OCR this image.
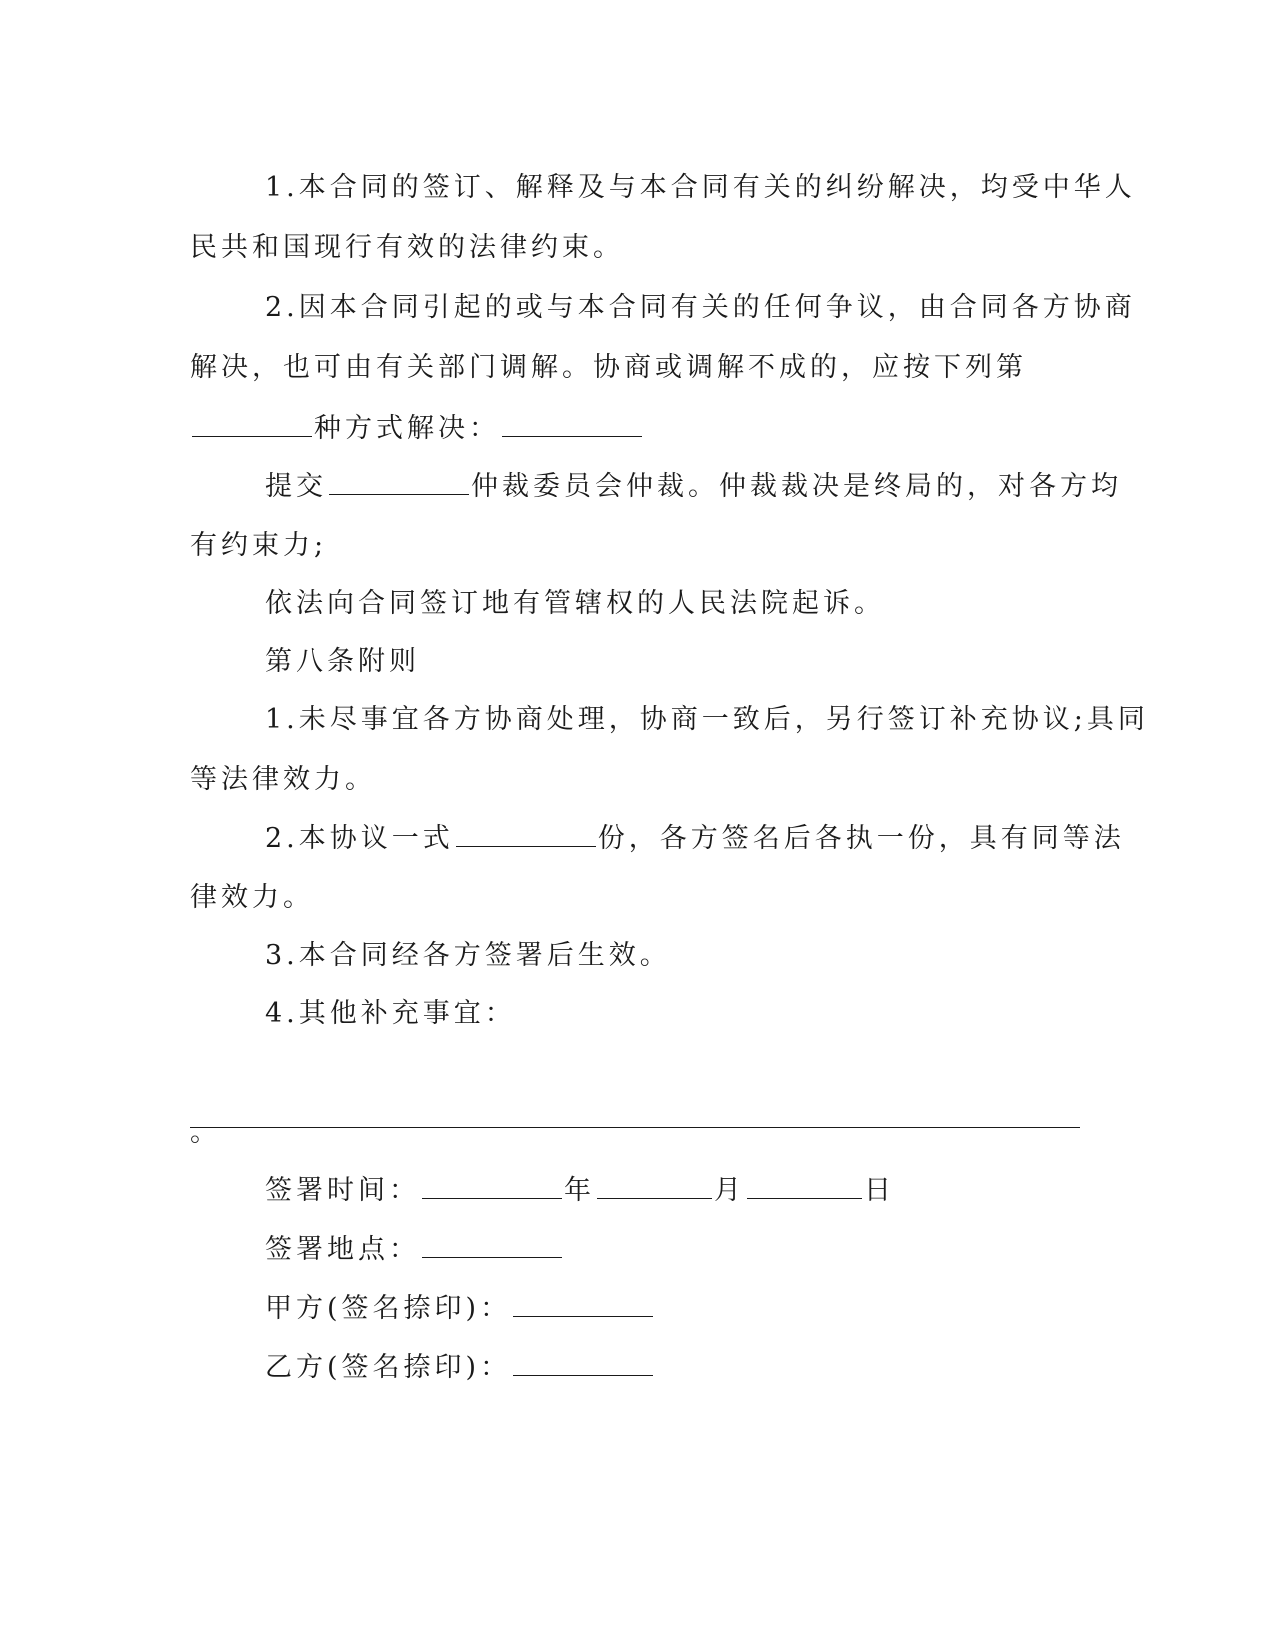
1.本合同的签订、解释及与本合同有关的纠纷解决，均受中华人
民共和国现行有效的法律约束。
2.因本合同引起的或与本合同有关的任何争议，由合同各方协商
解决，也可由有关部门调解。协商或调解不成的，应按下列第
种方式解决：
提交	仲裁委员会仲裁。仲裁裁决是终局的，对各方均
有约束力;
依法向合同签订地有管辖权的人民法院起诉。
第八条附则
1.未尽事宜各方协商处理，协商一致后，另行签订补充协议;具同
等法律效力。
2.本协议一式	份，各方签名后各执一份，具有同等法
律效力。
3.本合同经各方签署后生效。
4.其他补充事宜：
。
签署时间：	年	月	日
签署地点：
甲方(签名捺印)：
乙方(签名捺印)：
